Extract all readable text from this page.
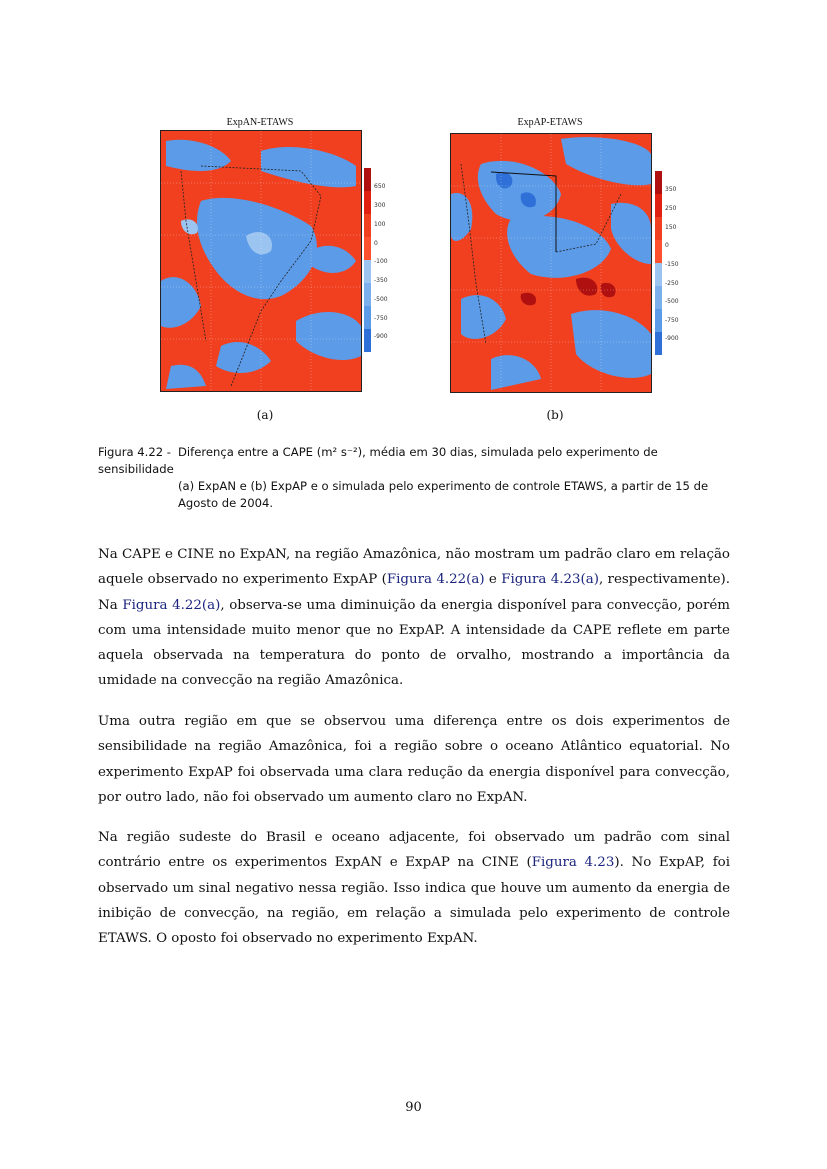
ExpAN-ETAWS
650
300
100
0
-100
-350
-500
-750
-900
(a)
ExpAP-ETAWS
350
250
150
0
-150
-250
-500
-750
-900
(b)
Figura 4.22 - Diferença entre a CAPE (m² s⁻²), média em 30 dias, simulada pelo experimento de sensibilidade
(a) ExpAN e (b) ExpAP e o simulada pelo experimento de controle ETAWS, a partir de 15 de
Agosto de 2004.
Na CAPE e CINE no ExpAN, na região Amazônica, não mostram um padrão claro em relação aquele observado no experimento ExpAP (Figura 4.22(a) e Figura 4.23(a), respectivamente). Na Figura 4.22(a), observa-se uma diminuição da energia disponível para convecção, porém com uma intensidade muito menor que no ExpAP. A intensidade da CAPE reflete em parte aquela observada na temperatura do ponto de orvalho, mostrando a importância da umidade na convecção na região Amazônica.
Uma outra região em que se observou uma diferença entre os dois experimentos de sensibilidade na região Amazônica, foi a região sobre o oceano Atlântico equatorial. No experimento ExpAP foi observada uma clara redução da energia disponível para convecção, por outro lado, não foi observado um aumento claro no ExpAN.
Na região sudeste do Brasil e oceano adjacente, foi observado um padrão com sinal contrário entre os experimentos ExpAN e ExpAP na CINE (Figura 4.23). No ExpAP, foi observado um sinal negativo nessa região. Isso indica que houve um aumento da energia de inibição de convecção, na região, em relação a simulada pelo experimento de controle ETAWS. O oposto foi observado no experimento ExpAN.
90
